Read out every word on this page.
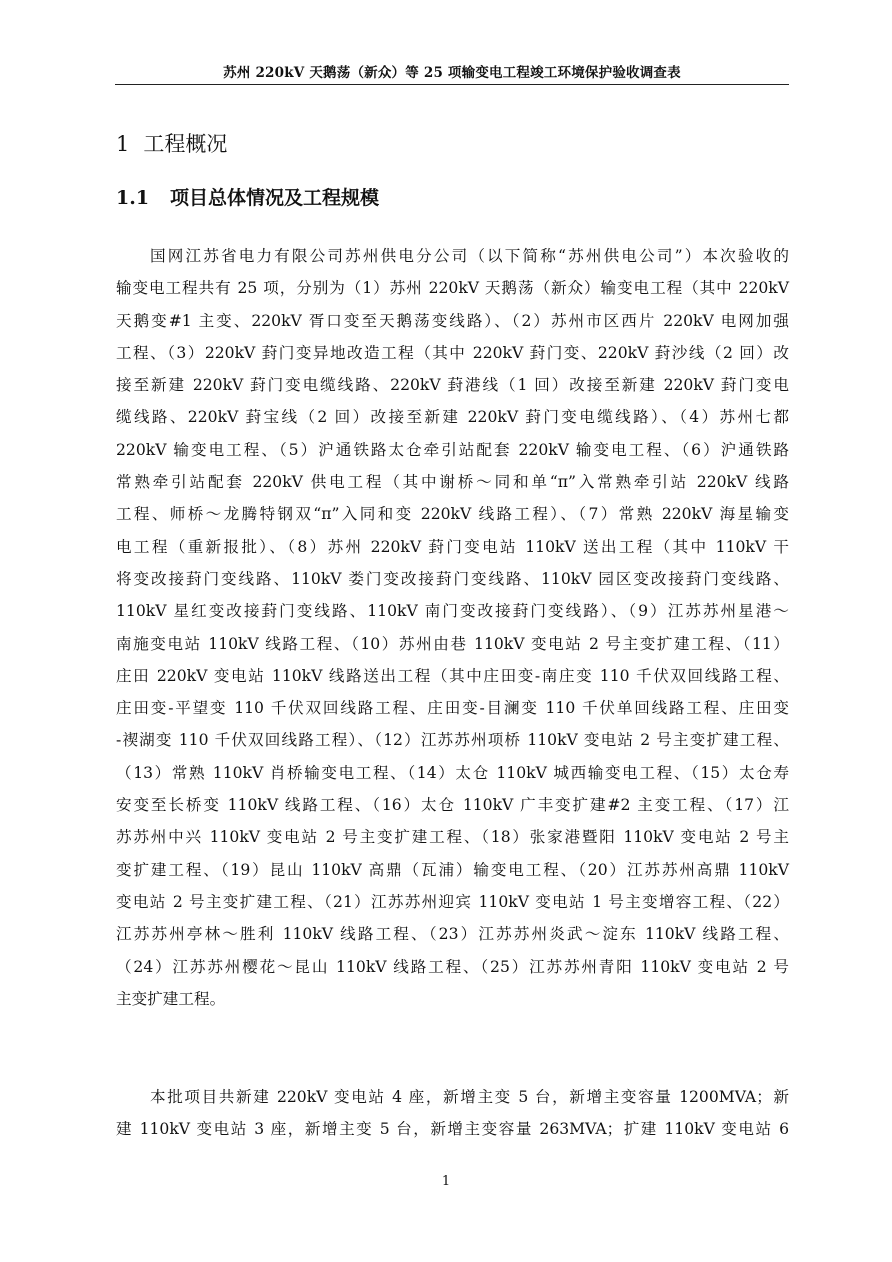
苏州 220kV 天鹅荡（新众）等 25 项输变电工程竣工环境保护验收调查表
1 工程概况
1.1 项目总体情况及工程规模
国网江苏省电力有限公司苏州供电分公司（以下简称“苏州供电公司”）本次验收的
输变电工程共有 25 项，分别为（1）苏州 220kV 天鹅荡（新众）输变电工程（其中 220kV
天鹅变#1 主变、220kV 胥口变至天鹅荡变线路）、（2）苏州市区西片 220kV 电网加强
工程、（3）220kV 葑门变异地改造工程（其中 220kV 葑门变、220kV 葑沙线（2 回）改
接至新建 220kV 葑门变电缆线路、220kV 葑港线（1 回）改接至新建 220kV 葑门变电
缆线路、220kV 葑宝线（2 回）改接至新建 220kV 葑门变电缆线路）、（4）苏州七都
220kV 输变电工程、（5）沪通铁路太仓牵引站配套 220kV 输变电工程、（6）沪通铁路
常熟牵引站配套 220kV 供电工程（其中谢桥～同和单“π”入常熟牵引站 220kV 线路
工程、师桥～龙腾特钢双“π”入同和变 220kV 线路工程）、（7）常熟 220kV 海星输变
电工程（重新报批）、（8）苏州 220kV 葑门变电站 110kV 送出工程（其中 110kV 干
将变改接葑门变线路、110kV 娄门变改接葑门变线路、110kV 园区变改接葑门变线路、
110kV 星红变改接葑门变线路、110kV 南门变改接葑门变线路）、（9）江苏苏州星港～
南施变电站 110kV 线路工程、（10）苏州由巷 110kV 变电站 2 号主变扩建工程、（11）
庄田 220kV 变电站 110kV 线路送出工程（其中庄田变-南庄变 110 千伏双回线路工程、
庄田变-平望变 110 千伏双回线路工程、庄田变-目澜变 110 千伏单回线路工程、庄田变
-禊湖变 110 千伏双回线路工程）、（12）江苏苏州项桥 110kV 变电站 2 号主变扩建工程、
（13）常熟 110kV 肖桥输变电工程、（14）太仓 110kV 城西输变电工程、（15）太仓寿
安变至长桥变 110kV 线路工程、（16）太仓 110kV 广丰变扩建#2 主变工程、（17）江
苏苏州中兴 110kV 变电站 2 号主变扩建工程、（18）张家港暨阳 110kV 变电站 2 号主
变扩建工程、（19）昆山 110kV 高鼎（瓦浦）输变电工程、（20）江苏苏州高鼎 110kV
变电站 2 号主变扩建工程、（21）江苏苏州迎宾 110kV 变电站 1 号主变增容工程、（22）
江苏苏州亭林～胜利 110kV 线路工程、（23）江苏苏州炎武～淀东 110kV 线路工程、
（24）江苏苏州樱花～昆山 110kV 线路工程、（25）江苏苏州青阳 110kV 变电站 2 号
主变扩建工程。
本批项目共新建 220kV 变电站 4 座，新增主变 5 台，新增主变容量 1200MVA；新
建 110kV 变电站 3 座，新增主变 5 台，新增主变容量 263MVA；扩建 110kV 变电站 6
1
